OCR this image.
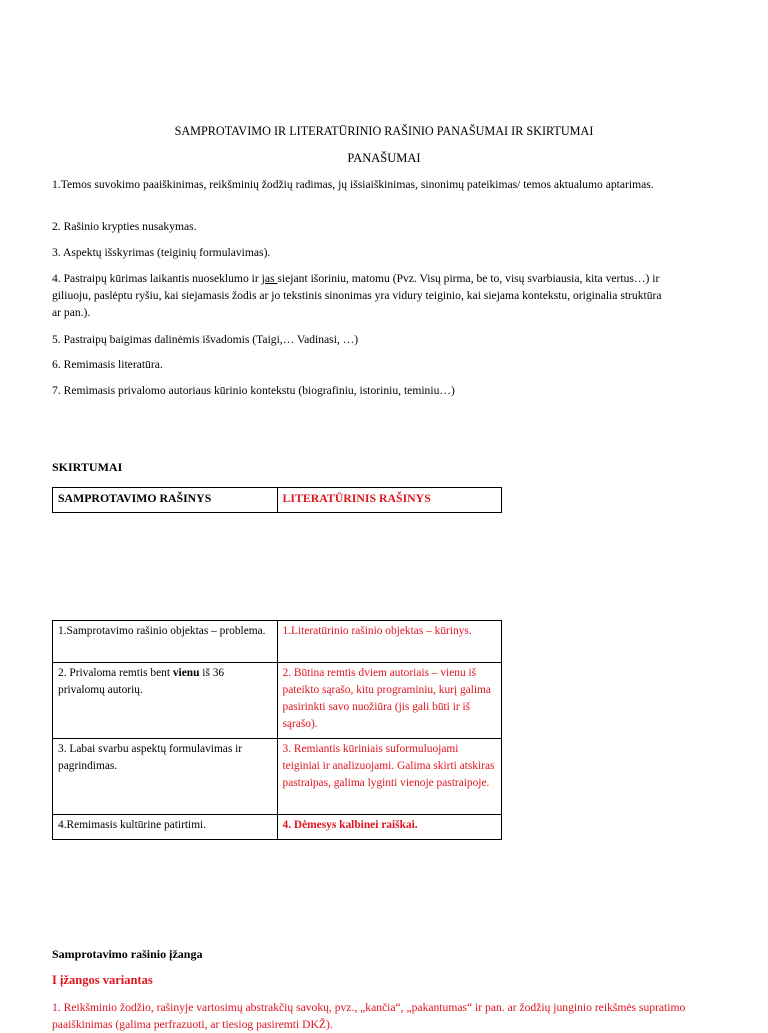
SAMPROTAVIMO IR LITERATŪRINIO RAŠINIO PANAŠUMAI IR SKIRTUMAI
PANAŠUMAI
1.Temos suvokimo paaiškinimas, reikšminių žodžių radimas, jų išsiaiškinimas, sinonimų pateikimas/ temos aktualumo aptarimas.
2. Rašinio krypties nusakymas.
3. Aspektų išskyrimas (teiginių formulavimas).
4. Pastraipų kūrimas laikantis nuoseklumo ir jas siejant išoriniu, matomu (Pvz. Visų pirma, be to, visų svarbiausia, kita vertus…) ir giliuoju, paslėptu ryšiu, kai siejamasis žodis ar jo tekstinis sinonimas yra vidury teiginio, kai siejama kontekstu, originalia struktūra ar pan.).
5. Pastraipų baigimas dalinėmis išvadomis (Taigi,… Vadinasi, …)
6. Remimasis literatūra.
7. Remimasis privalomo autoriaus kūrinio kontekstu (biografiniu, istoriniu, teminiu…)
SKIRTUMAI
SAMPROTAVIMO RAŠINYS	LITERATŪRINIS RAŠINYS
1.Samprotavimo rašinio objektas – problema.	1.Literatūrinio rašinio objektas – kūrinys.
2. Privaloma remtis bent vienu iš 36 privalomų autorių.	2. Būtina remtis dviem autoriais – vienu iš pateikto sąrašo, kitu programiniu, kurį galima pasirinkti savo nuožiūra (jis gali būti ir iš sąrašo).
3. Labai svarbu aspektų formulavimas ir pagrindimas.	3. Remiantis kūriniais suformuluojami teiginiai ir analizuojami. Galima skirti atskiras pastraipas, galima lyginti vienoje pastraipoje.
4.Remimasis kultūrine patirtimi.	4. Dėmesys kalbinei raiškai.
Samprotavimo rašinio įžanga
I įžangos variantas
1. Reikšminio žodžio, rašinyje vartosimų abstrakčių savokų, pvz., „kančia“, „pakantumas“ ir pan. ar žodžių junginio reikšmės supratimo paaiškinimas (galima perfrazuoti, ar tiesiog pasiremti DKŽ).
